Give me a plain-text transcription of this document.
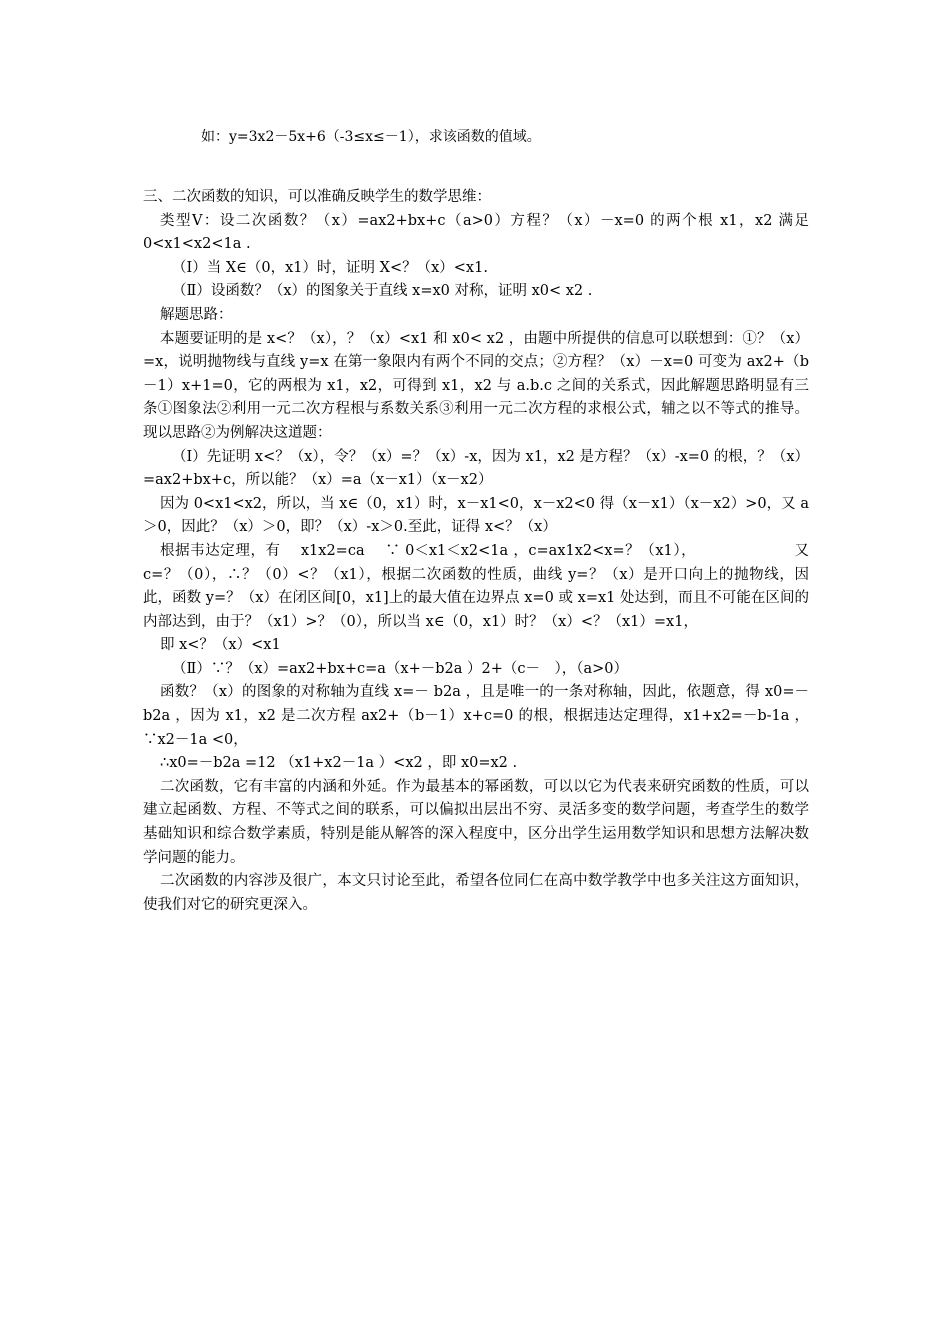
如：y=3x2－5x+6（-3≤x≤－1），求该函数的值域。

三、二次函数的知识，可以准确反映学生的数学思维：

类型Ⅴ：设二次函数？（x）=ax2+bx+c（a>0）方程？（x）－x=0 的两个根 x1，x2 满足 0<x1<x2<1a .

（Ⅰ）当 X∈（0，x1）时，证明 X<？（x）<x1.

（Ⅱ）设函数？（x）的图象关于直线 x=x0 对称，证明 x0< x2 .

解题思路：

本题要证明的是 x<？（x），？（x）<x1 和 x0< x2 ，由题中所提供的信息可以联想到：①？（x）=x，说明抛物线与直线 y=x 在第一象限内有两个不同的交点；②方程？（x）－x=0 可变为 ax2+（b－1）x+1=0，它的两根为 x1，x2，可得到 x1，x2 与 a.b.c 之间的关系式，因此解题思路明显有三条①图象法②利用一元二次方程根与系数关系③利用一元二次方程的求根公式，辅之以不等式的推导。现以思路②为例解决这道题：

（Ⅰ）先证明 x<？（x），令？（x）=？（x）-x，因为 x1，x2 是方程？（x）-x=0 的根，？（x）=ax2+bx+c，所以能？（x）=a（x－x1）（x－x2）

因为 0<x1<x2，所以，当 x∈（0，x1）时，x－x1<0，x－x2<0 得（x－x1）（x－x2）>0，又 a＞0，因此？（x）＞0，即？（x）-x＞0.至此，证得 x<？（x）

根据韦达定理，有　 x1x2=ca　 ∵ 0＜x1＜x2<1a ，c=ax1x2<x=？（x1），　　　　　　　又 c=？（0），∴？（0）<？（x1），根据二次函数的性质，曲线 y=？（x）是开口向上的抛物线，因此，函数 y=？（x）在闭区间[0，x1]上的最大值在边界点 x=0 或 x=x1 处达到，而且不可能在区间的内部达到，由于？（x1）>？（0），所以当 x∈（0，x1）时？（x）<？（x1）=x1，

即 x<？（x）<x1

（Ⅱ）∵？（x）=ax2+bx+c=a（x+－b2a ）2+（c－　），（a>0）

函数？（x）的图象的对称轴为直线 x=－ b2a ，且是唯一的一条对称轴，因此，依题意，得 x0=－b2a ，因为 x1，x2 是二次方程 ax2+（b－1）x+c=0 的根，根据违达定理得，x1+x2=－b-1a ，∵x2－1a <0，

∴x0=－b2a =12 （x1+x2－1a ）<x2 ，即 x0=x2 .

二次函数，它有丰富的内涵和外延。作为最基本的幂函数，可以以它为代表来研究函数的性质，可以建立起函数、方程、不等式之间的联系，可以偏拟出层出不穷、灵活多变的数学问题，考查学生的数学基础知识和综合数学素质，特别是能从解答的深入程度中，区分出学生运用数学知识和思想方法解决数学问题的能力。

二次函数的内容涉及很广，本文只讨论至此，希望各位同仁在高中数学教学中也多关注这方面知识，使我们对它的研究更深入。
